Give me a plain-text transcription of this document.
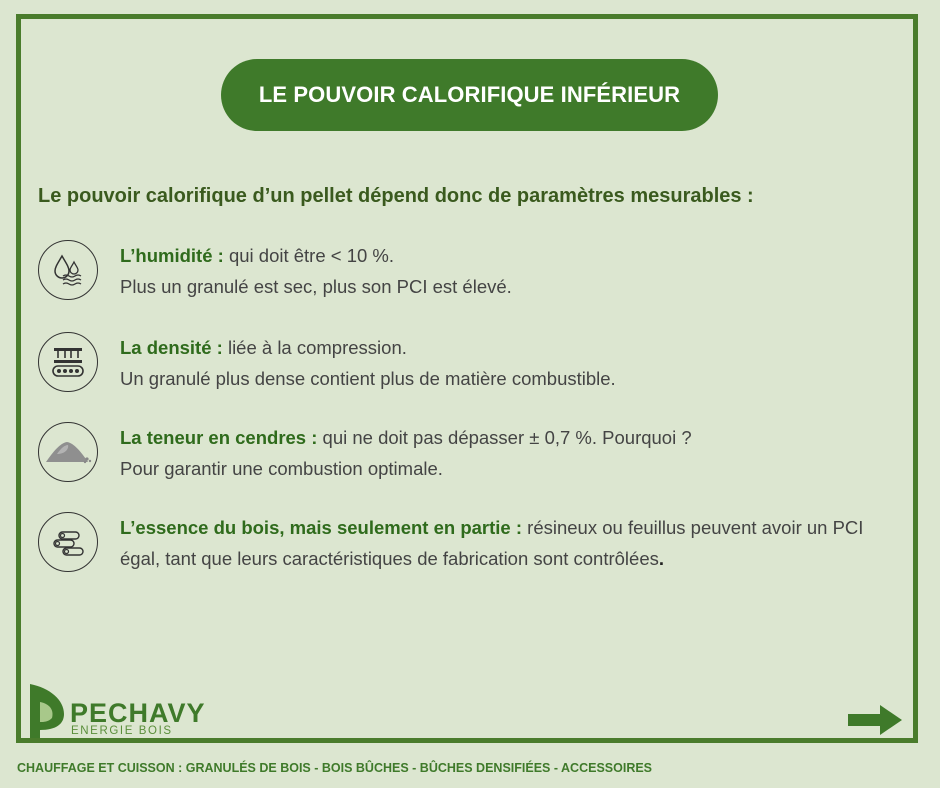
LE POUVOIR CALORIFIQUE INFÉRIEUR
Le pouvoir calorifique d’un pellet dépend donc de paramètres mesurables :
L’humidité : qui doit être < 10 %.
Plus un granulé est sec, plus son PCI est élevé.
La densité : liée à la compression.
Un granulé plus dense contient plus de matière combustible.
La teneur en cendres : qui ne doit pas dépasser ± 0,7 %. Pourquoi ?
Pour garantir une combustion optimale.
L’essence du bois, mais seulement en partie : résineux ou feuillus peuvent avoir un PCI égal, tant que leurs caractéristiques de fabrication sont contrôlées.
PECHAVY
ENERGIE BOIS
CHAUFFAGE ET CUISSON : GRANULÉS DE BOIS - BOIS BÛCHES - BÛCHES DENSIFIÉES - ACCESSOIRES
